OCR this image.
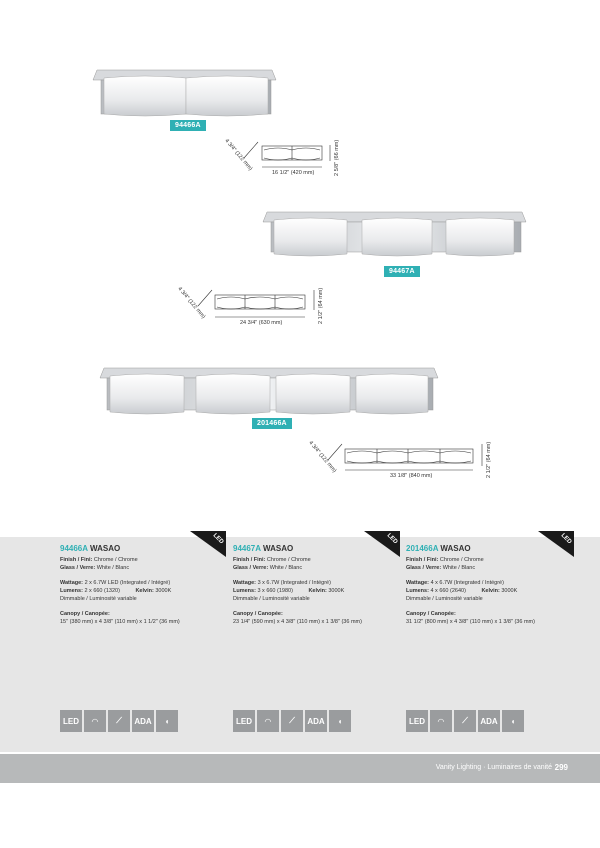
94466A
94467A
201466A
4 3/4" (122 mm)	2 5/8" (66 mm)
16 1/2" (420 mm)
4 3/4" (122 mm)	2 1/2" (64 mm)
24 3/4" (630 mm)
4 3/4" (122 mm)	2 1/2" (64 mm)
33 1/8" (840 mm)
LED	LED	LED
94466A WASAO
Finish / Fini: Chrome / Chrome
Glass / Verre: White / Blanc
Wattage: 2 x 6.7W LED (Integrated / Intégré)
Lumens: 2 x 660 (1320)	Kelvin: 3000K
Dimmable / Luminosité variable
Canopy / Canopée:
15" (380 mm) x 4 3/8" (110 mm) x 1 1/2" (36 mm)
94467A WASAO
Finish / Fini: Chrome / Chrome
Glass / Verre: White / Blanc
Wattage: 3 x 6.7W (Integrated / Intégré)
Lumens: 3 x 660 (1980)	Kelvin: 3000K
Dimmable / Luminosité variable
Canopy / Canopée:
23 1/4" (590 mm) x 4 3/8" (110 mm) x 1 3/8" (36 mm)
201466A WASAO
Finish / Fini: Chrome / Chrome
Glass / Verre: White / Blanc
Wattage: 4 x 6.7W (Integrated / Intégré)
Lumens: 4 x 660 (2640)	Kelvin: 3000K
Dimmable / Luminosité variable
Canopy / Canopée:
31 1/2" (800 mm) x 4 3/8" (110 mm) x 1 3/8" (36 mm)
LED	◠	⟋	ADA	◖	LED	◠	⟋	ADA	◖	LED	◠	⟋	ADA	◖
Vanity Lighting · Luminaires de vanité 299
